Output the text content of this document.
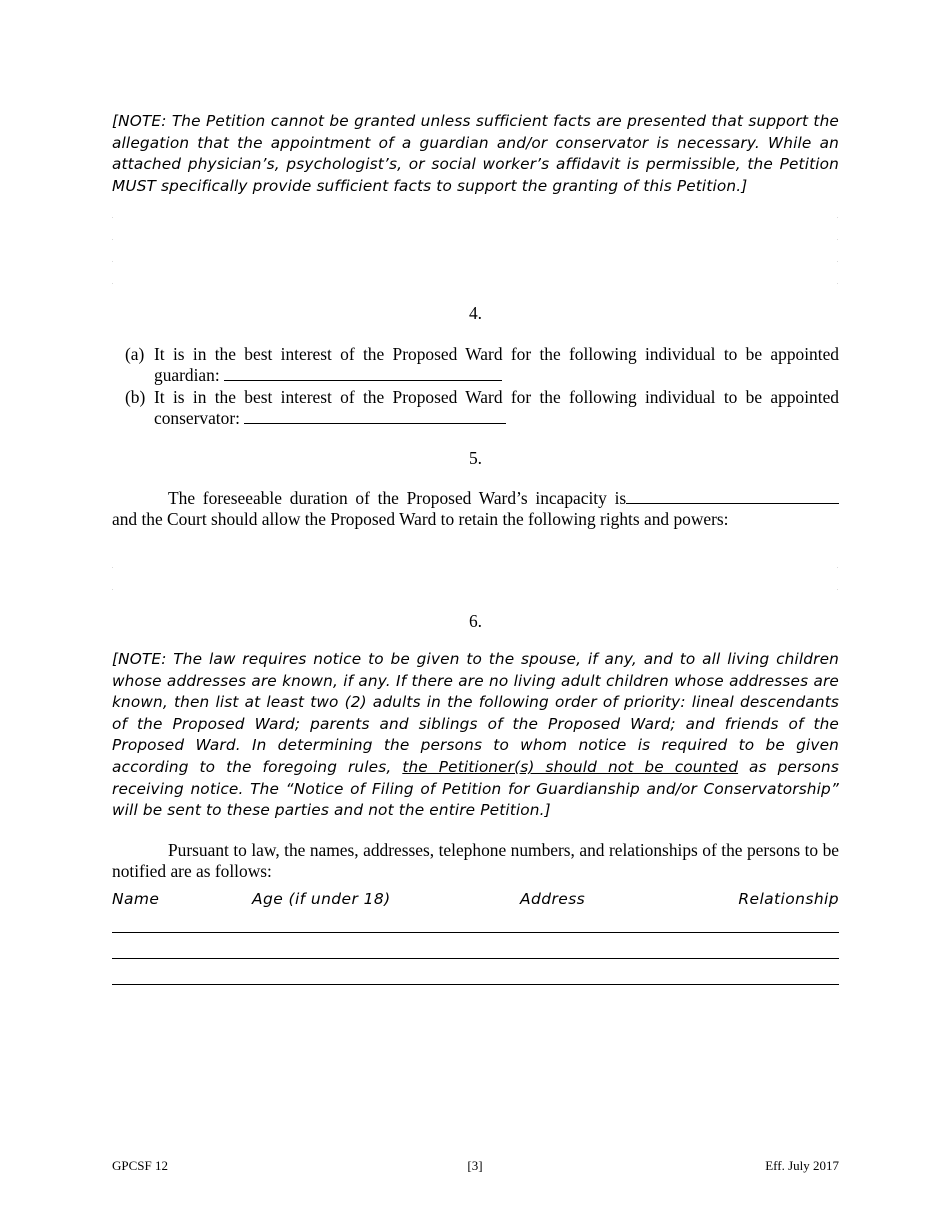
[NOTE: The Petition cannot be granted unless sufficient facts are presented that support the allegation that the appointment of a guardian and/or conservator is necessary. While an attached physician’s, psychologist’s, or social worker’s affidavit is permissible, the Petition MUST specifically provide sufficient facts to support the granting of this Petition.]

4.

(a) It is in the best interest of the Proposed Ward for the following individual to be appointed guardian:

(b) It is in the best interest of the Proposed Ward for the following individual to be appointed conservator:

5.
The foreseeable duration of the Proposed Ward’s incapacity is

and the Court should allow the Proposed Ward to retain the following rights and powers:

6.

[NOTE: The law requires notice to be given to the spouse, if any, and to all living children whose addresses are known, if any. If there are no living adult children whose addresses are known, then list at least two (2) adults in the following order of priority: lineal descendants of the Proposed Ward; parents and siblings of the Proposed Ward; and friends of the Proposed Ward. In determining the persons to whom notice is required to be given according to the foregoing rules, the Petitioner(s) should not be counted as persons receiving notice. The “Notice of Filing of Petition for Guardianship and/or Conservatorship” will be sent to these parties and not the entire Petition.]

Pursuant to law, the names, addresses, telephone numbers, and relationships of the persons to be notified are as follows:

Name	Age (if under 18)	Address	Relationship
GPCSF 12	[3]	Eff. July 2017
